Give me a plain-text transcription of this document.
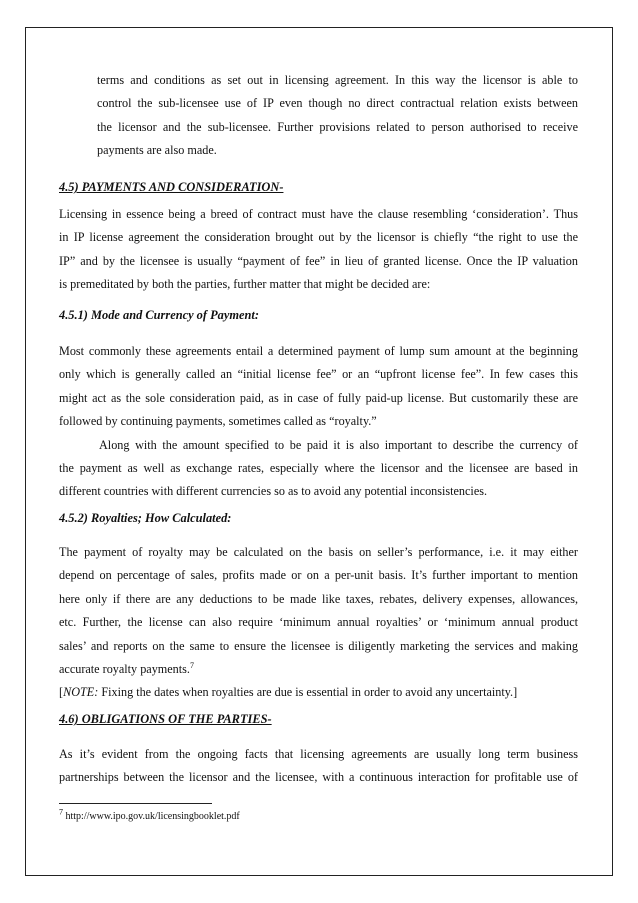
terms and conditions as set out in licensing agreement. In this way the licensor is able to
control the sub-licensee use of IP even though no direct contractual relation exists between
the licensor and the sub-licensee. Further provisions related to person authorised to receive
payments are also made.

4.5) PAYMENTS AND CONSIDERATION-

Licensing in essence being a breed of contract must have the clause resembling ‘consideration’. Thus
in IP license agreement the consideration brought out by the licensor is chiefly “the right to use the
IP” and by the licensee is usually “payment of fee” in lieu of granted license. Once the IP valuation
is premeditated by both the parties, further matter that might be decided are:

4.5.1) Mode and Currency of Payment:

Most commonly these agreements entail a determined payment of lump sum amount at the beginning
only which is generally called an “initial license fee” or an “upfront license fee”. In few cases this
might act as the sole consideration paid, as in case of fully paid-up license. But customarily these are
followed by continuing payments, sometimes called as “royalty.”
Along with the amount specified to be paid it is also important to describe the currency of
the payment as well as exchange rates, especially where the licensor and the licensee are based in
different countries with different currencies so as to avoid any potential inconsistencies.

4.5.2) Royalties; How Calculated:

The payment of royalty may be calculated on the basis on seller’s performance, i.e. it may either
depend on percentage of sales, profits made or on a per-unit basis. It’s further important to mention
here only if there are any deductions to be made like taxes, rebates, delivery expenses, allowances,
etc. Further, the license can also require ‘minimum annual royalties’ or ‘minimum annual product
sales’ and reports on the same to ensure the licensee is diligently marketing the services and making
accurate royalty payments.$^7$
[NOTE: Fixing the dates when royalties are due is essential in order to avoid any uncertainty.]

4.6) OBLIGATIONS OF THE PARTIES-

As it’s evident from the ongoing facts that licensing agreements are usually long term business
partnerships between the licensor and the licensee, with a continuous interaction for profitable use of
$^7$ http://www.ipo.gov.uk/licensingbooklet.pdf
